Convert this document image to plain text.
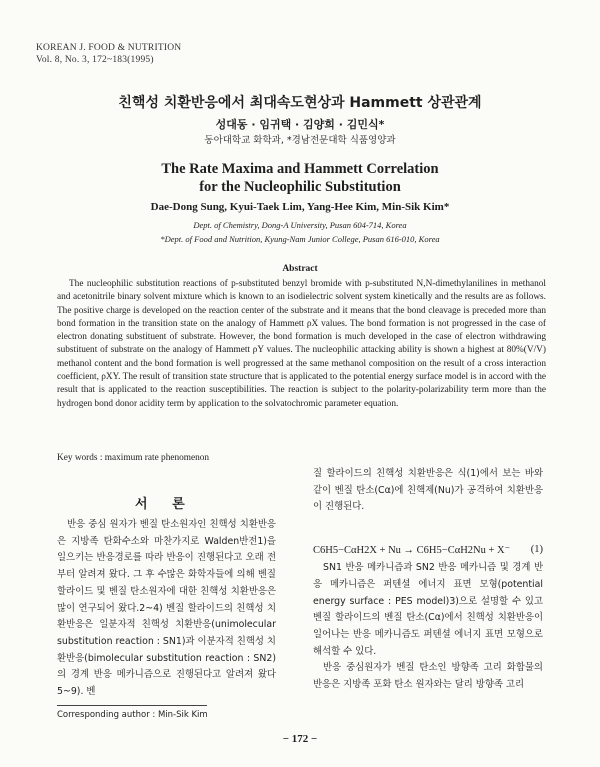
KOREAN J. FOOD & NUTRITION
Vol. 8, No. 3, 172~183(1995)
친핵성 치환반응에서 최대속도현상과 Hammett 상관관계
성대동 · 임귀택 · 김양희 · 김민식*
동아대학교 화학과, *경남전문대학 식품영양과
The Rate Maxima and Hammett Correlation
for the Nucleophilic Substitution
Dae-Dong Sung, Kyui-Taek Lim, Yang-Hee Kim, Min-Sik Kim*
Dept. of Chemistry, Dong-A University, Pusan 604-714, Korea
*Dept. of Food and Nutrition, Kyung-Nam Junior College, Pusan 616-010, Korea
Abstract

The nucleophilic substitution reactions of p-substituted benzyl bromide with p-substituted N,N-dimethylanilines in methanol and acetonitrile binary solvent mixture which is known to an isodielectric solvent system kinetically and the results are as follows. The positive charge is developed on the reaction center of the substrate and it means that the bond cleavage is preceded more than bond formation in the transition state on the analogy of Hammett ρX values. The bond formation is not progressed in the case of electron donating substituent of substrate. However, the bond formation is much developed in the case of electron withdrawing substituent of substrate on the analogy of Hammett ρY values. The nucleophilic attacking ability is shown a highest at 80%(V/V) methanol content and the bond formation is well progressed at the same methanol composition on the result of a cross interaction coefficient, ρXY. The result of transition state structure that is applicated to the potential energy surface model is in accord with the result that is applicated to the reaction susceptibilities. The reaction is subject to the polarity-polarizability term more than the hydrogen bond donor acidity term by application to the solvatochromic parameter equation.

Key words : maximum rate phenomenon
서 론

반응 중심 원자가 벤질 탄소원자인 친핵성 치환반응은 지방족 탄화수소와 마찬가지로 Walden반전1)을 일으키는 반응경로를 따라 반응이 진행된다고 오래 전부터 알려져 왔다. 그 후 수많은 화학자들에 의해 벤질할라이드 및 벤질 탄소원자에 대한 친핵성 치환반응은 많이 연구되어 왔다.2~4) 벤질 할라이드의 친핵성 치환반응은 일분자적 친핵성 치환반응(unimolecular substitution reaction : SN1)과 이분자적 친핵성 치환반응(bimolecular substitution reaction : SN2)의 경계 반응 메카니즘으로 진행된다고 알려져 왔다5~9). 벤

질 할라이드의 친핵성 치환반응은 식(1)에서 보는 바와 같이 벤질 탄소(Cα)에 친핵제(Nu)가 공격하여 치환반응이 진행된다.

SN1 반응 메카니즘과 SN2 반응 메카니즘 및 경계 반응 메카니즘은 퍼텐셜 에너지 표면 모형(potential energy surface : PES model)3)으로 설명할 수 있고 벤질 할라이드의 벤질 탄소(Cα)에서 친핵성 치환반응이 일어나는 반응 메카니즘도 퍼텐셜 에너지 표면 모형으로 해석할 수 있다.

반응 중심원자가 벤질 탄소인 방향족 고리 화합물의 반응은 지방족 포화 탄소 원자와는 달리 방향족 고리

C6H5−CαH2X + Nu → C6H5−CαH2Nu + X⁻ (1)
Corresponding author : Min-Sik Kim
− 172 −
